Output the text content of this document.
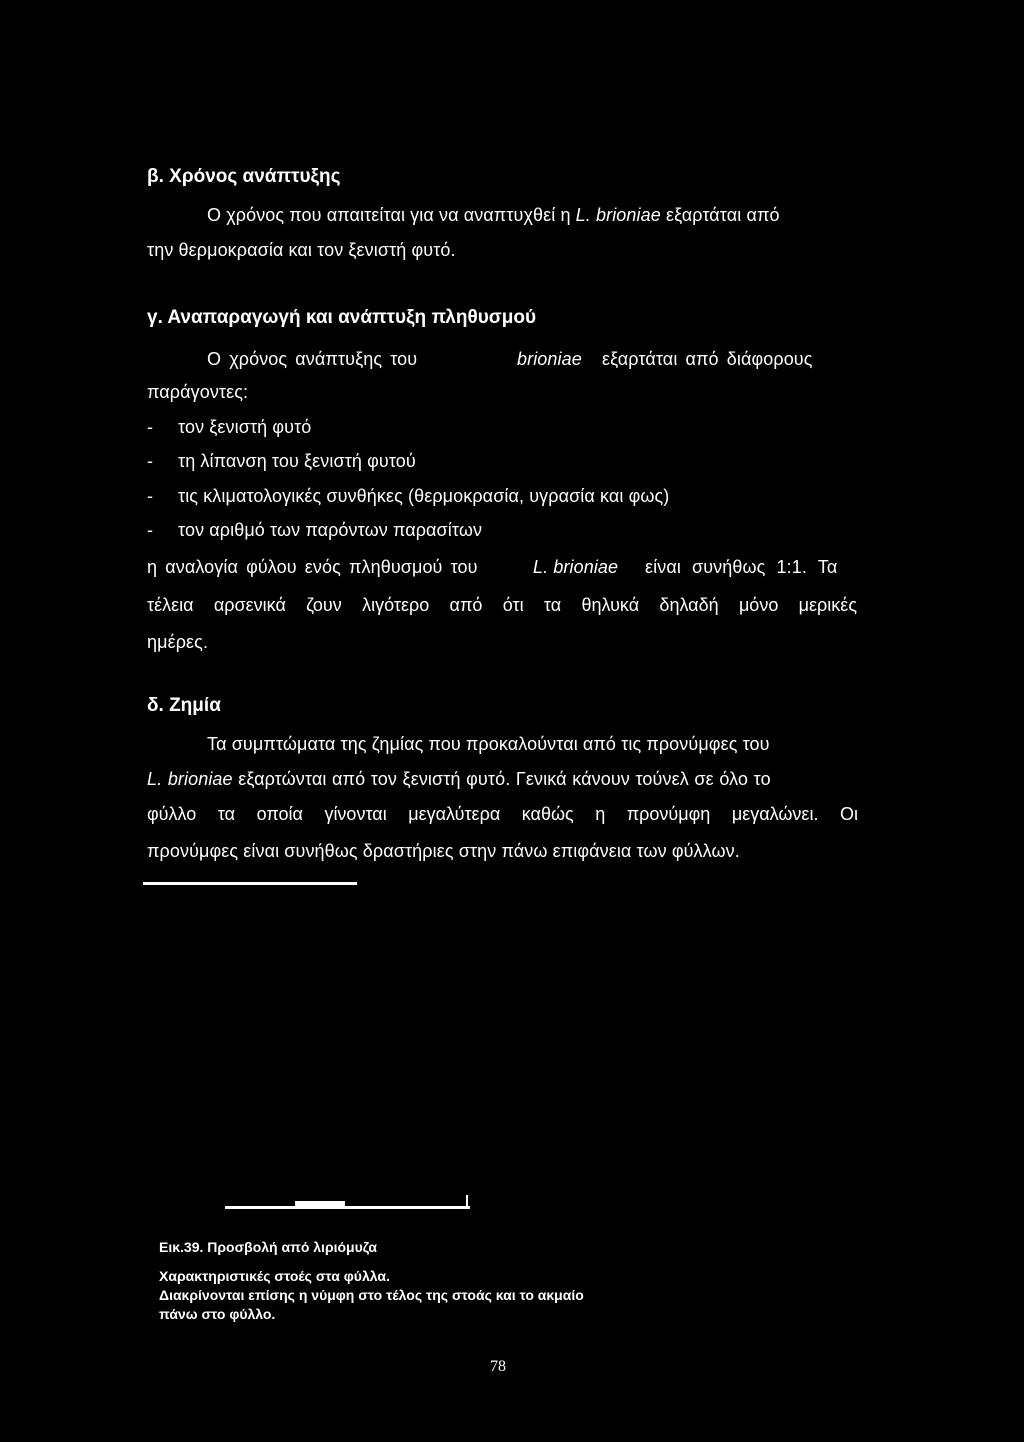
β. Χρόνος ανάπτυξης
Ο χρόνος που απαιτείται για να αναπτυχθεί η L. brioniae εξαρτάται από
την θερμοκρασία και τον ξενιστή φυτό.
γ. Αναπαραγωγή και ανάπτυξη πληθυσμού
Ο χρόνος ανάπτυξης του	brioniae εξαρτάται από διάφορους
παράγοντες:
- τον ξενιστή φυτό
- τη λίπανση του ξενιστή φυτού
- τις κλιματολογικές συνθήκες (θερμοκρασία, υγρασία και φως)
- τον αριθμό των παρόντων παρασίτων
η αναλογία φύλου ενός πληθυσμού του	L. brioniae είναι συνήθως 1:1. Τα
τέλεια αρσενικά ζουν λιγότερο από ότι τα θηλυκά δηλαδή μόνο μερικές
ημέρες.
δ. Ζημία
Τα συμπτώματα της ζημίας που προκαλούνται από τις προνύμφες του
L. brioniae εξαρτώνται από τον ξενιστή φυτό. Γενικά κάνουν τούνελ σε όλο το
φύλλο τα οποία γίνονται μεγαλύτερα καθώς η προνύμφη μεγαλώνει. Οι
προνύμφες είναι συνήθως δραστήριες στην πάνω επιφάνεια των φύλλων.
Εικ.39. Προσβολή από λιριόμυζα
Χαρακτηριστικές στοές στα φύλλα.
Διακρίνονται επίσης η νύμφη στο τέλος της στοάς και το ακμαίο
πάνω στο φύλλο.
78
